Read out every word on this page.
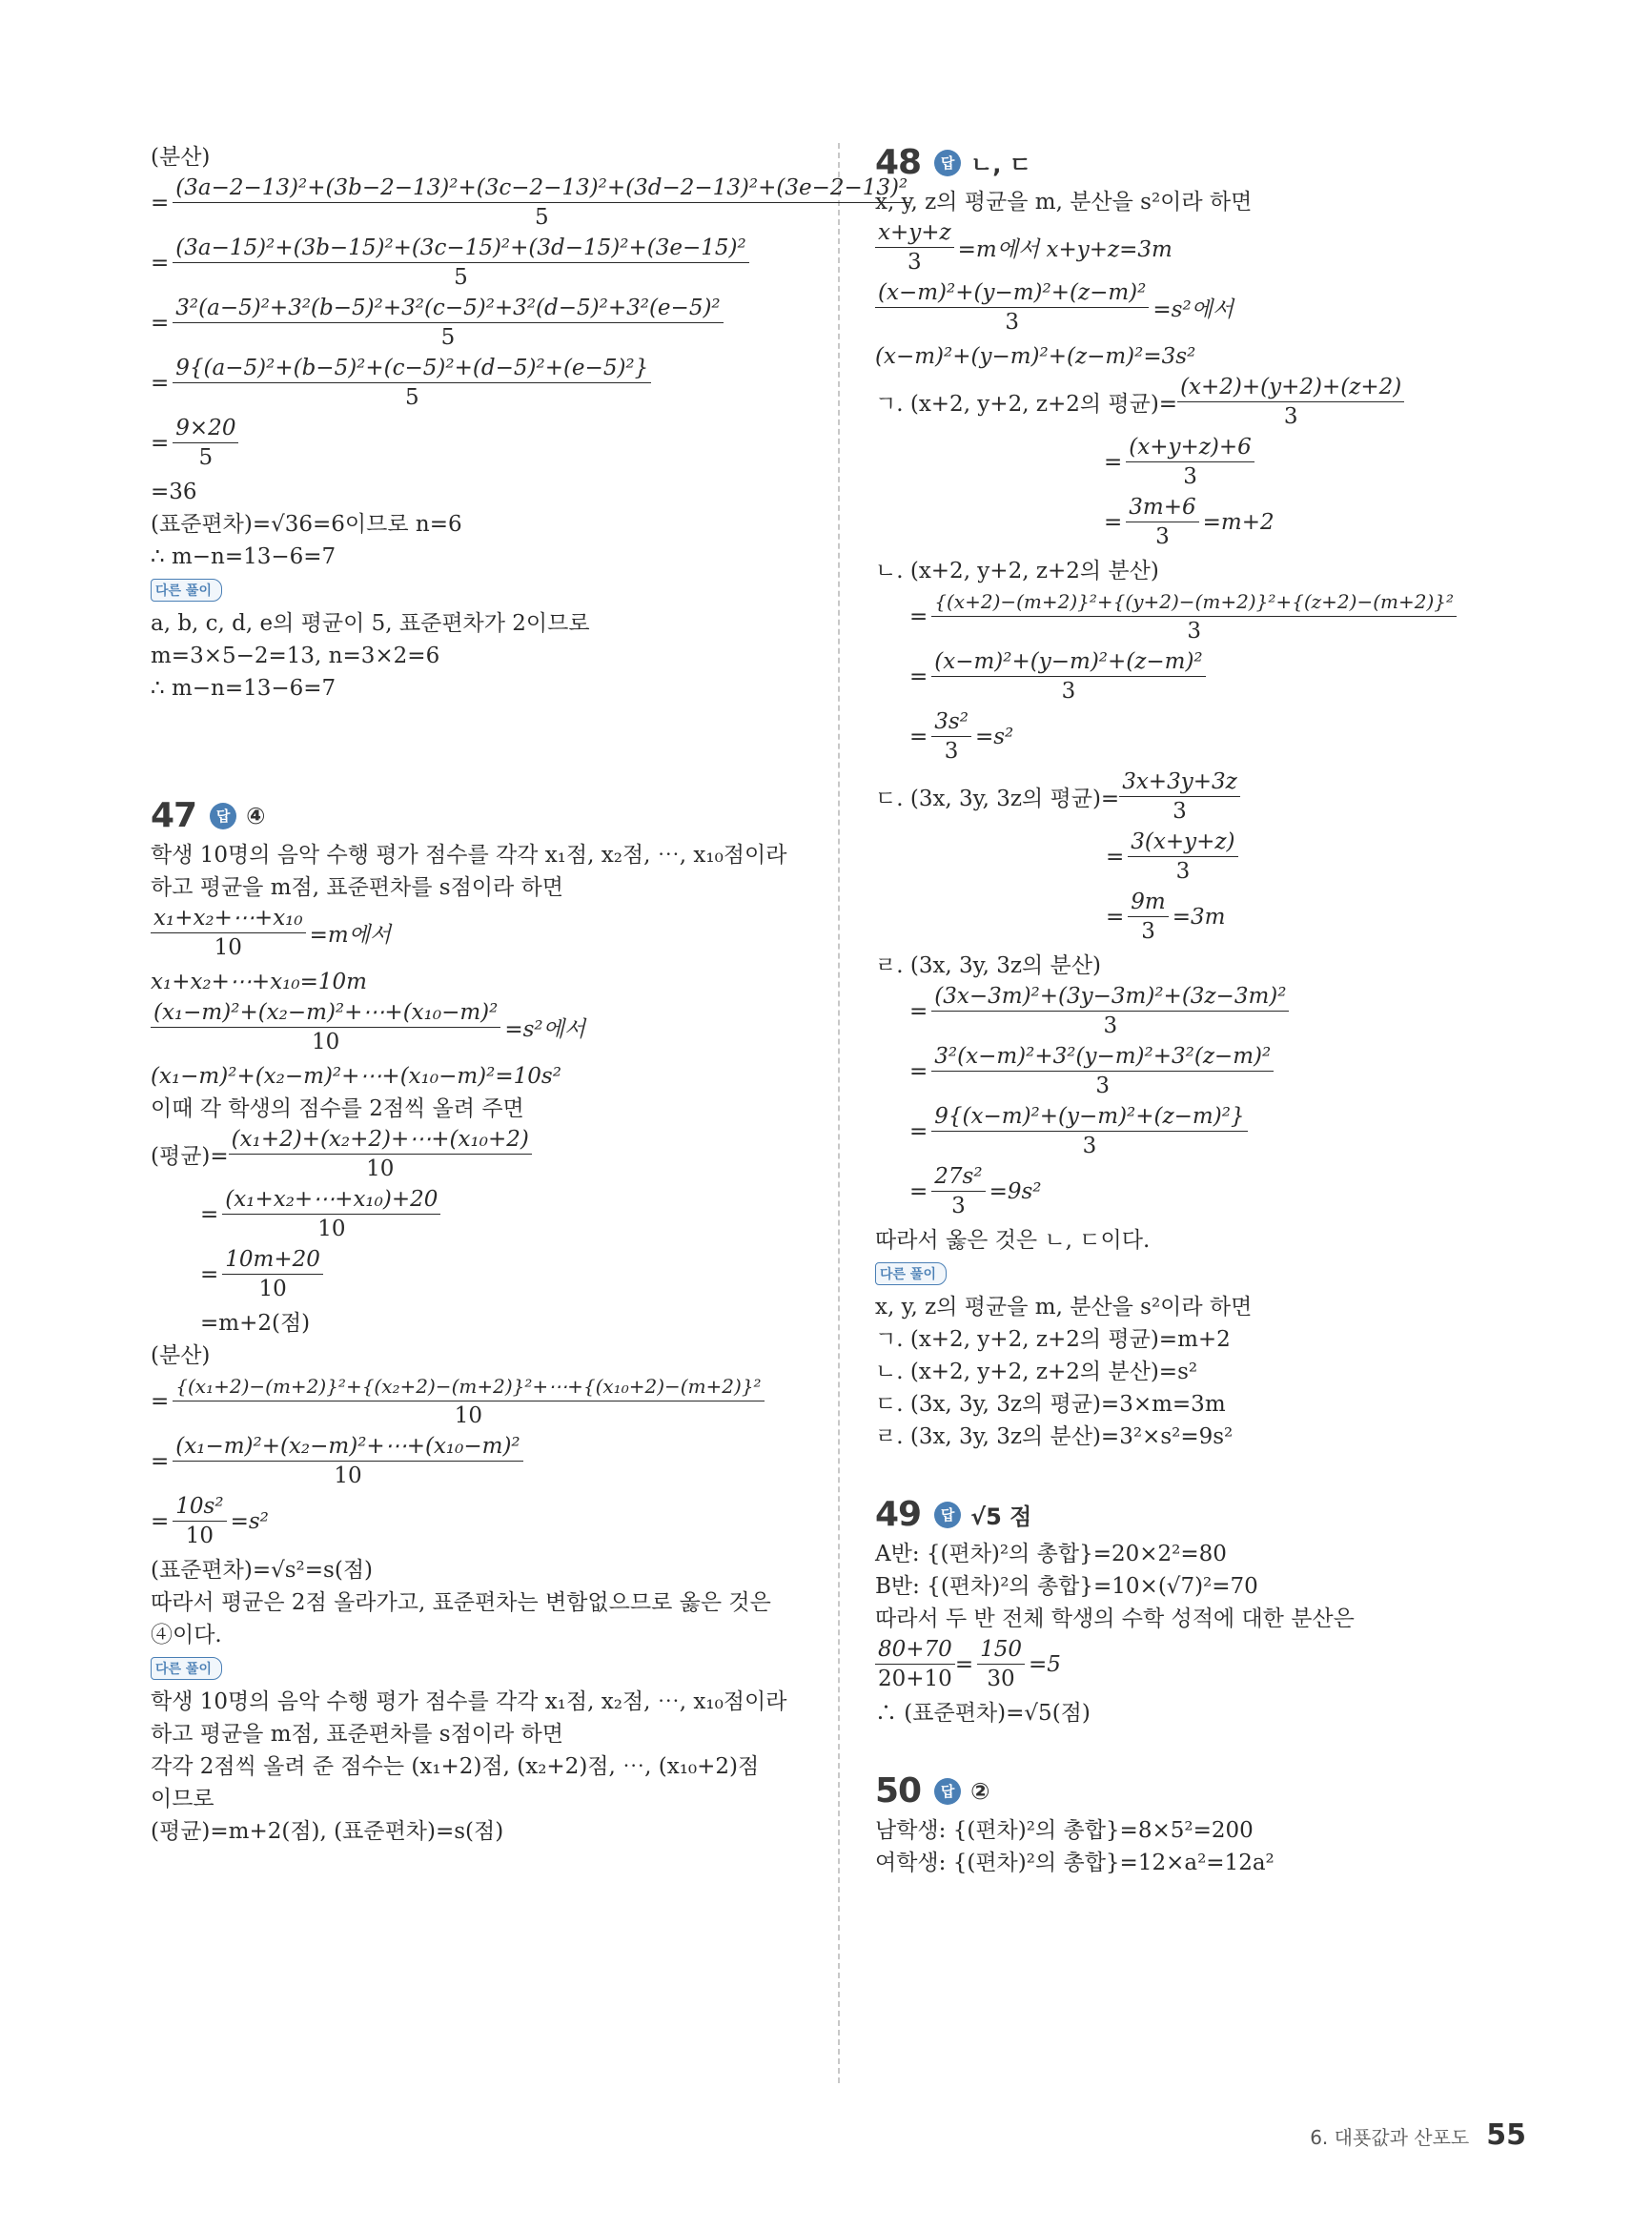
(분산)
= $\frac{\text{(3a−2−13)²+(3b−2−13)²+(3c−2−13)²+(3d−2−13)²+(3e−2−13)²}}{5}$
= $\frac{\text{(3a−15)²+(3b−15)²+(3c−15)²+(3d−15)²+(3e−15)²}}{5}$
= $\frac{\text{3²(a−5)²+3²(b−5)²+3²(c−5)²+3²(d−5)²+3²(e−5)²}}{5}$
= $\frac{\text{9\{(a−5)²+(b−5)²+(c−5)²+(d−5)²+(e−5)²\}}}{5}$
= $\frac{9\times 20}{5}$
=36
(표준편차)=√36=6이므로 n=6
∴ m−n=13−6=7
다른 풀이
a, b, c, d, e의 평균이 5, 표준편차가 2이므로
m=3×5−2=13, n=3×2=6
∴ m−n=13−6=7
47	답 ④
학생 10명의 음악 수행 평가 점수를 각각 x₁점, x₂점, ⋯, x₁₀점이라
하고 평균을 m점, 표준편차를 s점이라 하면
$\frac{\text{x₁+x₂+⋯+x₁₀}}{10} =m$에서
x₁+x₂+⋯+x₁₀=10m
$\frac{\text{(x₁−m)²+(x₂−m)²+⋯+(x₁₀−m)²}}{10} =s^2$에서
(x₁−m)²+(x₂−m)²+⋯+(x₁₀−m)²=10s²
이때 각 학생의 점수를 2점씩 올려 주면
(평균)= $\frac{\text{(x₁+2)+(x₂+2)+⋯+(x₁₀+2)}}{10}$
= $\frac{\text{(x₁+x₂+⋯+x₁₀)+20}}{10}$
= $\frac{10m+20}{10}$
=m+2(점)
(분산)
= $\frac{\text{\{(x₁+2)−(m+2)\}²+\{(x₂+2)−(m+2)\}²+⋯+\{(x₁₀+2)−(m+2)\}²}}{10}$
= $\frac{\text{(x₁−m)²+(x₂−m)²+⋯+(x₁₀−m)²}}{10}$
= $\frac{\text{10s²}}{10} =s^2$
(표준편차)=√s²=s(점)
따라서 평균은 2점 올라가고, 표준편차는 변함없으므로 옳은 것은
④이다.
다른 풀이
학생 10명의 음악 수행 평가 점수를 각각 x₁점, x₂점, ⋯, x₁₀점이라
하고 평균을 m점, 표준편차를 s점이라 하면
각각 2점씩 올려 준 점수는 (x₁+2)점, (x₂+2)점, ⋯, (x₁₀+2)점
이므로
(평균)=m+2(점), (표준편차)=s(점)
48	답 ㄴ, ㄷ
x, y, z의 평균을 m, 분산을 s²이라 하면
$\frac{x+y+z}{3} =m$에서 x+y+z=3m
$\frac{\text{(x−m)²+(y−m)²+(z−m)²}}{3} =s^2$에서
(x−m)²+(y−m)²+(z−m)²=3s²
ㄱ. (x+2, y+2, z+2의 평균)= $\frac{(x+2)+(y+2)+(z+2)}{3}$
= $\frac{(x+y+z)+6}{3}$
= $\frac{3m+6}{3} =m+2$
ㄴ. (x+2, y+2, z+2의 분산)
= $\frac{\text{\{(x+2)−(m+2)\}²+\{(y+2)−(m+2)\}²+\{(z+2)−(m+2)\}²}}{3}$
= $\frac{\text{(x−m)²+(y−m)²+(z−m)²}}{3}$
= $\frac{\text{3s²}}{3} =s^2$
ㄷ. (3x, 3y, 3z의 평균)= $\frac{3x+3y+3z}{3}$
= $\frac{3(x+y+z)}{3}$
= $\frac{9m}{3} =3m$
ㄹ. (3x, 3y, 3z의 분산)
= $\frac{\text{(3x−3m)²+(3y−3m)²+(3z−3m)²}}{3}$
= $\frac{\text{3²(x−m)²+3²(y−m)²+3²(z−m)²}}{3}$
= $\frac{\text{9\{(x−m)²+(y−m)²+(z−m)²\}}}{3}$
= $\frac{\text{27s²}}{3} =9s^2$
따라서 옳은 것은 ㄴ, ㄷ이다.
다른 풀이
x, y, z의 평균을 m, 분산을 s²이라 하면
ㄱ. (x+2, y+2, z+2의 평균)=m+2
ㄴ. (x+2, y+2, z+2의 분산)=s²
ㄷ. (3x, 3y, 3z의 평균)=3×m=3m
ㄹ. (3x, 3y, 3z의 분산)=3²×s²=9s²
49	답 √5 점
A반: {(편차)²의 총합}=20×2²=80
B반: {(편차)²의 총합}=10×(√7)²=70
따라서 두 반 전체 학생의 수학 성적에 대한 분산은
$\frac{80+70}{20+10} = \frac{150}{30} =5$
∴ (표준편차)=√5(점)
50	답 ②
남학생: {(편차)²의 총합}=8×5²=200
여학생: {(편차)²의 총합}=12×a²=12a²
6. 대푯값과 산포도 55
